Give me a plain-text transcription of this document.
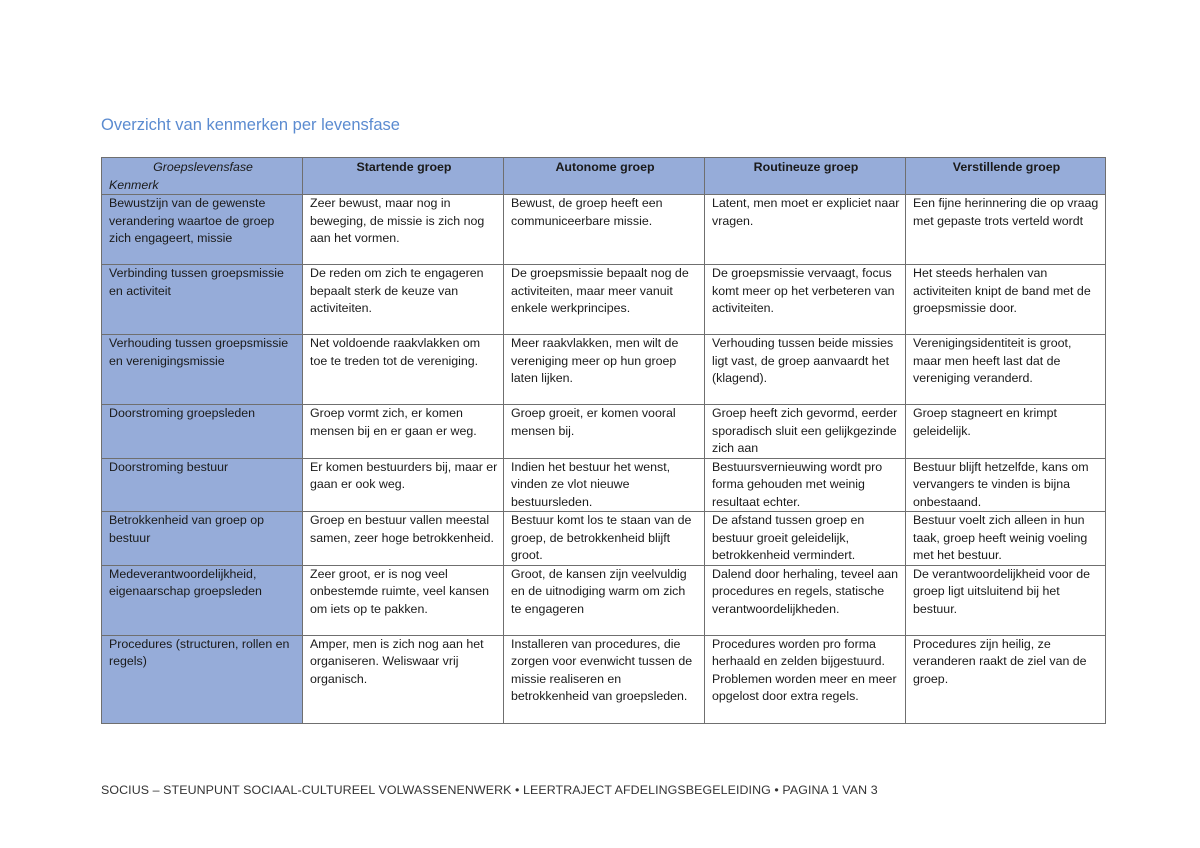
Overzicht van kenmerken per levensfase
Groepslevensfase
Kenmerk	Startende groep	Autonome groep	Routineuze groep	Verstillende groep
Bewustzijn van de gewenste verandering waartoe de groep zich engageert, missie	Zeer bewust, maar nog in beweging, de missie is zich nog aan het vormen.	Bewust, de groep heeft een communiceerbare missie.	Latent, men moet er expliciet naar vragen.	Een fijne herinnering die op vraag met gepaste trots verteld wordt
Verbinding tussen groepsmissie en activiteit	De reden om zich te engageren bepaalt sterk de keuze van activiteiten.	De groepsmissie bepaalt nog de activiteiten, maar meer vanuit enkele werkprincipes.	De groepsmissie vervaagt, focus komt meer op het verbeteren van activiteiten.	Het steeds herhalen van activiteiten knipt de band met de groepsmissie door.
Verhouding tussen groepsmissie en verenigingsmissie	Net voldoende raakvlakken om toe te treden tot de vereniging.	Meer raakvlakken, men wilt de vereniging meer op hun groep laten lijken.	Verhouding tussen beide missies ligt vast, de groep aanvaardt het (klagend).	Verenigingsidentiteit is groot, maar men heeft last dat de vereniging veranderd.
Doorstroming groepsleden	Groep vormt zich, er komen mensen bij en er gaan er weg.	Groep groeit, er komen vooral mensen bij.	Groep heeft zich gevormd, eerder sporadisch sluit een gelijkgezinde zich aan	Groep stagneert en krimpt geleidelijk.
Doorstroming bestuur	Er komen bestuurders bij, maar er gaan er ook weg.	Indien het bestuur het wenst, vinden ze vlot nieuwe bestuursleden.	Bestuursvernieuwing wordt pro forma gehouden met weinig resultaat echter.	Bestuur blijft hetzelfde, kans om vervangers te vinden is bijna onbestaand.
Betrokkenheid van groep op bestuur	Groep en bestuur vallen meestal samen, zeer hoge betrokkenheid.	Bestuur komt los te staan van de groep, de betrokkenheid blijft groot.	De afstand tussen groep en bestuur groeit geleidelijk, betrokkenheid vermindert.	Bestuur voelt zich alleen in hun taak, groep heeft weinig voeling met het bestuur.
Medeverantwoordelijkheid, eigenaarschap groepsleden	Zeer groot, er is nog veel onbestemde ruimte, veel kansen om iets op te pakken.	Groot, de kansen zijn veelvuldig en de uitnodiging warm om zich te engageren	Dalend door herhaling, teveel aan procedures en regels, statische verantwoordelijkheden.	De verantwoordelijkheid voor de groep ligt uitsluitend bij het bestuur.
Procedures (structuren, rollen en regels)	Amper, men is zich nog aan het organiseren. Weliswaar vrij organisch.	Installeren van procedures, die zorgen voor evenwicht tussen de missie realiseren en betrokkenheid van groepsleden.	Procedures worden pro forma herhaald en zelden bijgestuurd. Problemen worden meer en meer opgelost door extra regels.	Procedures zijn heilig, ze veranderen raakt de ziel van de groep.
SOCIUS – STEUNPUNT SOCIAAL-CULTUREEL VOLWASSENENWERK • LEERTRAJECT AFDELINGSBEGELEIDING • PAGINA 1 VAN 3
